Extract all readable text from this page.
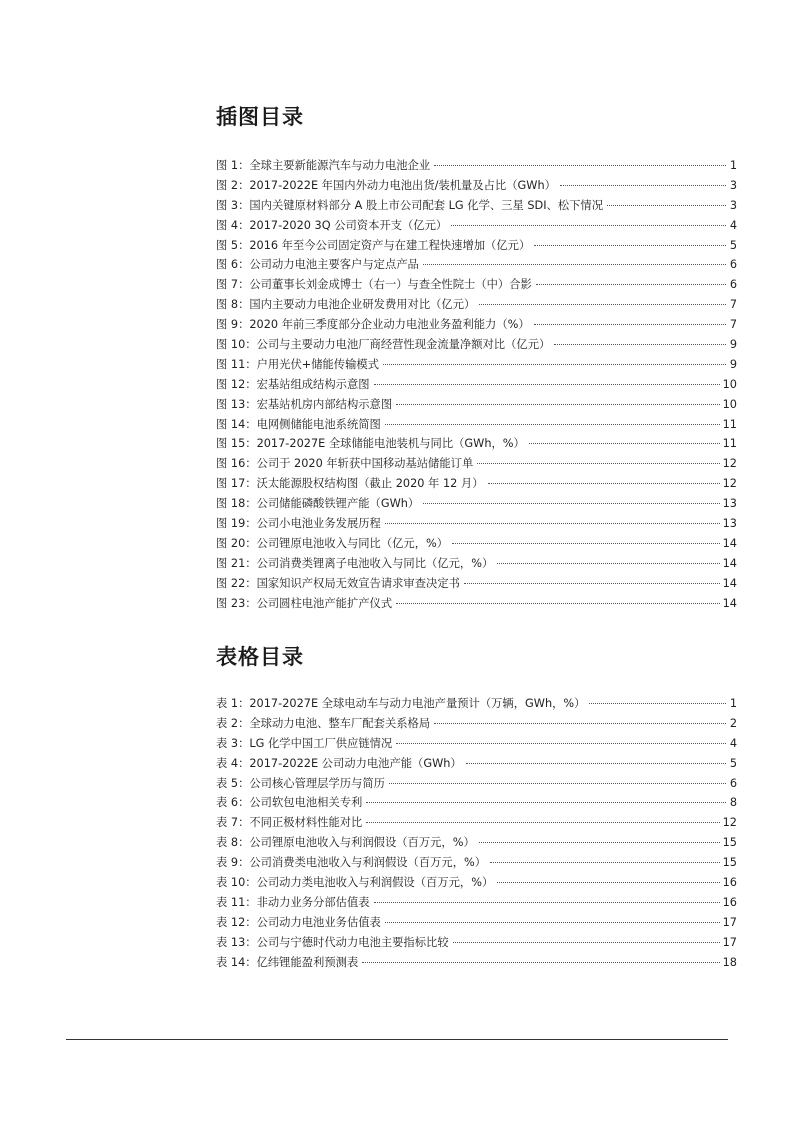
插图目录
图 1： 全球主要新能源汽车与动力电池企业	1
图 2： 2017-2022E 年国内外动力电池出货/装机量及占比（GWh）	3
图 3： 国内关键原材料部分 A 股上市公司配套 LG 化学、三星 SDI、松下情况	3
图 4： 2017-2020 3Q 公司资本开支（亿元）	4
图 5： 2016 年至今公司固定资产与在建工程快速增加（亿元）	5
图 6： 公司动力电池主要客户与定点产品	6
图 7： 公司董事长刘金成博士（右一）与查全性院士（中）合影	6
图 8： 国内主要动力电池企业研发费用对比（亿元）	7
图 9： 2020 年前三季度部分企业动力电池业务盈利能力（%）	7
图 10： 公司与主要动力电池厂商经营性现金流量净额对比（亿元）	9
图 11： 户用光伏+储能传输模式	9
图 12： 宏基站组成结构示意图	10
图 13： 宏基站机房内部结构示意图	10
图 14： 电网侧储能电池系统简图	11
图 15： 2017-2027E 全球储能电池装机与同比（GWh，%）	11
图 16： 公司于 2020 年斩获中国移动基站储能订单	12
图 17： 沃太能源股权结构图（截止 2020 年 12 月）	12
图 18： 公司储能磷酸铁锂产能（GWh）	13
图 19： 公司小电池业务发展历程	13
图 20： 公司锂原电池收入与同比（亿元，%）	14
图 21： 公司消费类锂离子电池收入与同比（亿元，%）	14
图 22： 国家知识产权局无效宣告请求审查决定书	14
图 23： 公司圆柱电池产能扩产仪式	14
表格目录
表 1： 2017-2027E 全球电动车与动力电池产量预计（万辆，GWh，%）	1
表 2： 全球动力电池、整车厂配套关系格局	2
表 3： LG 化学中国工厂供应链情况	4
表 4： 2017-2022E 公司动力电池产能（GWh）	5
表 5： 公司核心管理层学历与简历	6
表 6： 公司软包电池相关专利	8
表 7： 不同正极材料性能对比	12
表 8： 公司锂原电池收入与利润假设（百万元，%）	15
表 9： 公司消费类电池收入与利润假设（百万元，%）	15
表 10： 公司动力类电池收入与利润假设（百万元，%）	16
表 11： 非动力业务分部估值表	16
表 12： 公司动力电池业务估值表	17
表 13： 公司与宁德时代动力电池主要指标比较	17
表 14： 亿纬锂能盈利预测表	18
